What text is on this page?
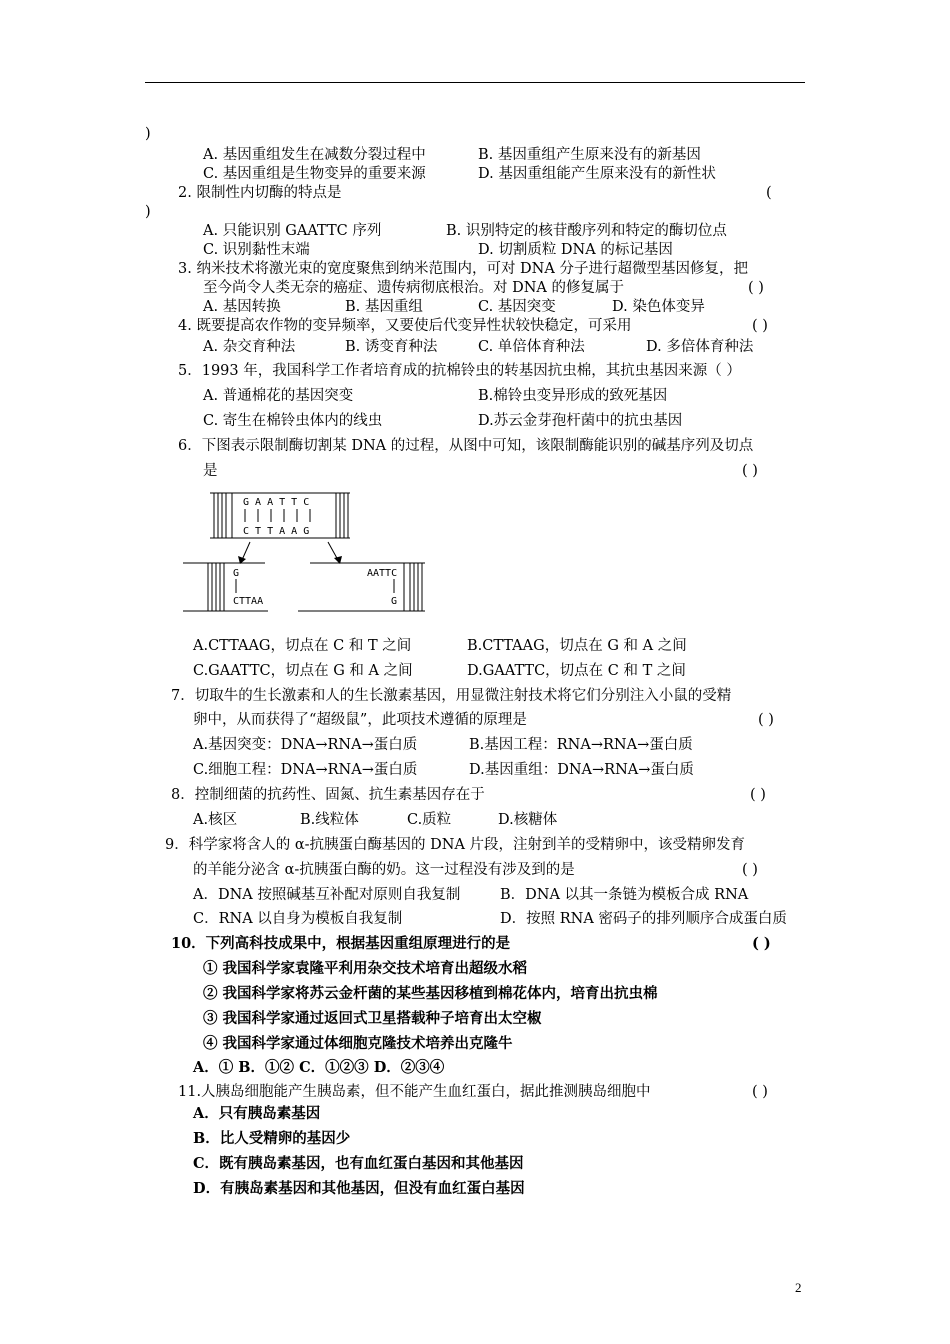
)
A. 基因重组发生在减数分裂过程中	B. 基因重组产生原来没有的新基因
C. 基因重组是生物变异的重要来源	D. 基因重组能产生原来没有的新性状
2. 限制性内切酶的特点是	(
)
A. 只能识别 GAATTC 序列	B. 识别特定的核苷酸序列和特定的酶切位点
C. 识别黏性末端	D. 切割质粒 DNA 的标记基因
3. 纳米技术将激光束的宽度聚焦到纳米范围内，可对 DNA 分子进行超微型基因修复，把
至今尚令人类无奈的癌症、遗传病彻底根治。对 DNA 的修复属于	( )
A. 基因转换	B. 基因重组	C. 基因突变	D. 染色体变异
4. 既要提高农作物的变异频率，又要使后代变异性状较快稳定，可采用	( )
A. 杂交育种法	B. 诱变育种法	C. 单倍体育种法	D. 多倍体育种法
5．1993 年，我国科学工作者培育成的抗棉铃虫的转基因抗虫棉，其抗虫基因来源（ ）
A. 普通棉花的基因突变	B.棉铃虫变异形成的致死基因
C. 寄生在棉铃虫体内的线虫	D.苏云金芽孢杆菌中的抗虫基因
6．下图表示限制酶切割某 DNA 的过程，从图中可知，该限制酶能识别的碱基序列及切点
是	( )
G A A T T C
C T T A A G
G
CTTAA
AATTC
G
A.CTTAAG，切点在 C 和 T 之间	B.CTTAAG，切点在 G 和 A 之间
C.GAATTC，切点在 G 和 A 之间	D.GAATTC，切点在 C 和 T 之间
7．切取牛的生长激素和人的生长激素基因，用显微注射技术将它们分别注入小鼠的受精
卵中，从而获得了“超级鼠”，此项技术遵循的原理是	( )
A.基因突变：DNA→RNA→蛋白质	B.基因工程：RNA→RNA→蛋白质
C.细胞工程：DNA→RNA→蛋白质	D.基因重组：DNA→RNA→蛋白质
8．控制细菌的抗药性、固氮、抗生素基因存在于	( )
A.核区	B.线粒体	C.质粒	D.核糖体
9．科学家将含人的 α-抗胰蛋白酶基因的 DNA 片段，注射到羊的受精卵中，该受精卵发育
的羊能分泌含 α-抗胰蛋白酶的奶。这一过程没有涉及到的是	( )
A．DNA 按照碱基互补配对原则自我复制	B．DNA 以其一条链为模板合成 RNA
C．RNA 以自身为模板自我复制	D．按照 RNA 密码子的排列顺序合成蛋白质
10．下列高科技成果中，根据基因重组原理进行的是	( )
① 我国科学家袁隆平利用杂交技术培育出超级水稻
② 我国科学家将苏云金杆菌的某些基因移植到棉花体内，培育出抗虫棉
③ 我国科学家通过返回式卫星搭载种子培育出太空椒
④ 我国科学家通过体细胞克隆技术培养出克隆牛
A．① B．①② C．①②③ D．②③④
11.人胰岛细胞能产生胰岛素，但不能产生血红蛋白，据此推测胰岛细胞中	( )
A．只有胰岛素基因
B．比人受精卵的基因少
C．既有胰岛素基因，也有血红蛋白基因和其他基因
D．有胰岛素基因和其他基因，但没有血红蛋白基因
2
